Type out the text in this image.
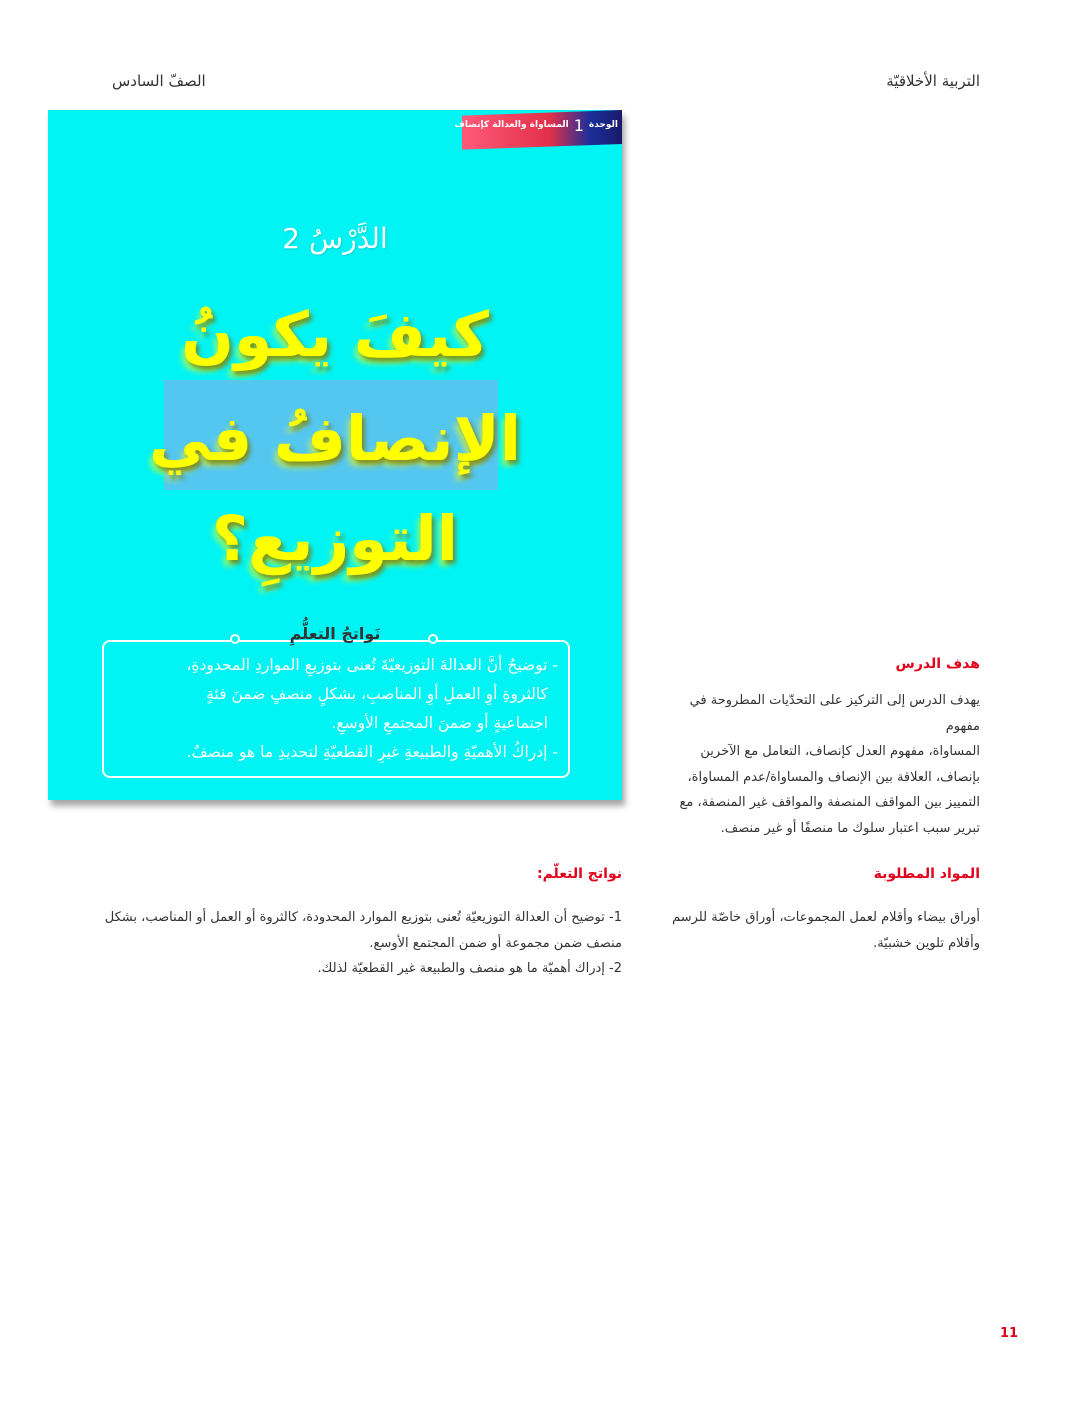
التربية الأخلاقيّة
الصفّ السادس
الوحدة
1
المساواة والعدالة كإنصاف
الدَّرْسُ 2
كيفَ يكونُ
الإنصافُ في
التوزيعِ؟
نَواتجُ التعلُّمِ
- توضيحُ أنَّ العدالةَ التوزيعيّةَ تُعنى بتوزيعِ المواردِ المحدودةِ،
كالثروةِ أوِ العملِ أوِ المناصبِ، بشكلٍ منصفٍ ضمنَ فئةٍ
اجتماعيةٍ أو ضمنَ المجتمعِ الأوسعِ.
- إدراكُ الأهميّةِ والطبيعةِ غيرِ القطعيّةِ لتحديدِ ما هو منصفٌ.
هدف الدرس
يهدف الدرس إلى التركيز على التحدّيات المطروحة في مفهوم
المساواة، مفهوم العدل كإنصاف، التعامل مع الآخرين
بإنصاف، العلاقة بين الإنصاف والمساواة/عدم المساواة،
التمييز بين المواقف المنصفة والمواقف غير المنصفة، مع
تبرير سبب اعتبار سلوك ما منصفًا أو غير منصف.
المواد المطلوبة
أوراق بيضاء وأقلام لعمل المجموعات، أوراق خاصّة للرسم
وأقلام تلوين خشبيّة.
نواتج التعلّم:
1- توضيح أن العدالة التوزيعيّة تُعنى بتوزيع الموارد المحدودة، كالثروة أو العمل أو المناصب، بشكل
منصف ضمن مجموعة أو ضمن المجتمع الأوسع.
2- إدراك أهميّة ما هو منصف والطبيعة غير القطعيّة لذلك.
11
